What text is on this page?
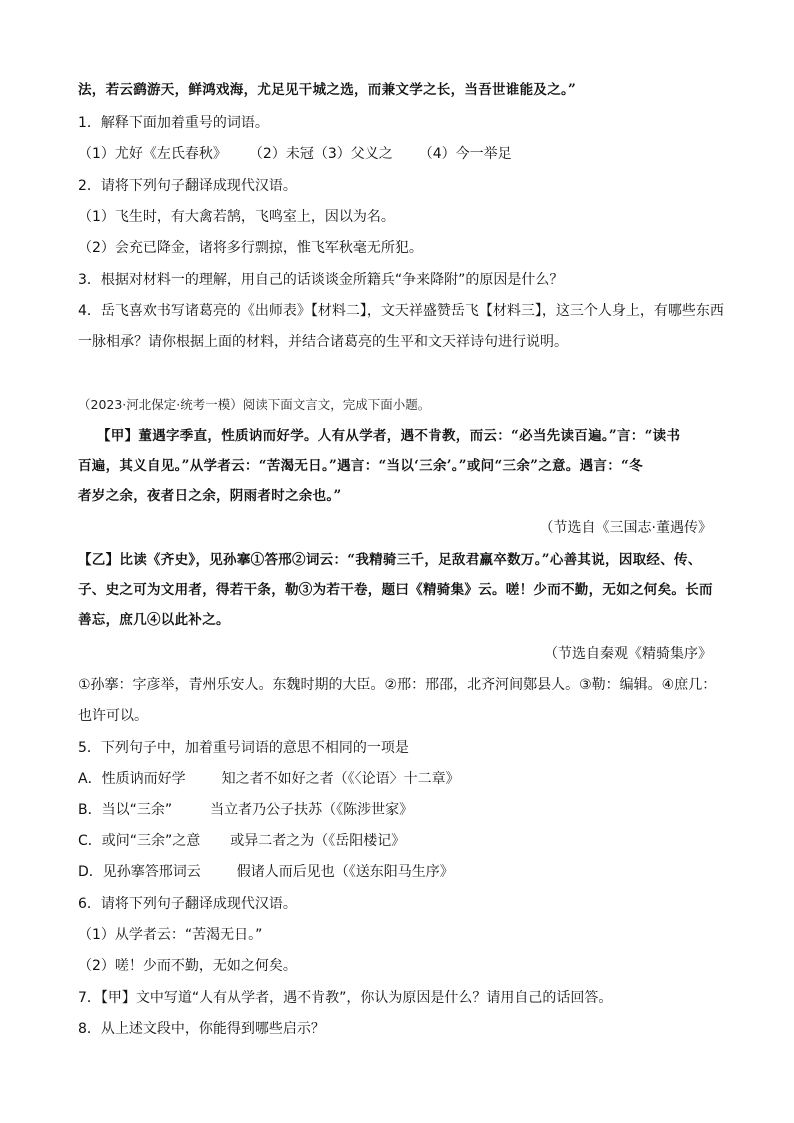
法，若云鹞游天，鲜鸿戏海，尤足见干城之选，而兼文学之长，当吾世谁能及之。”
1．解释下面加着重号的词语。
（1）尤好《左氏春秋》 （2）未冠（3）父义之 （4）今一举足
2．请将下列句子翻译成现代汉语。
（1）飞生时，有大禽若鹄，飞鸣室上，因以为名。
（2）会充已降金，诸将多行剽掠，惟飞军秋毫无所犯。
3．根据对材料一的理解，用自己的话谈谈金所籍兵“争来降附”的原因是什么？
4．岳飞喜欢书写诸葛亮的《出师表》【材料二】，文天祥盛赞岳飞【材料三】，这三个人身上，有哪些东西
一脉相承？请你根据上面的材料，并结合诸葛亮的生平和文天祥诗句进行说明。
（2023·河北保定·统考一模）阅读下面文言文，完成下面小题。
【甲】董遇字季直，性质讷而好学。人有从学者，遇不肯教，而云：“必当先读百遍。”言：“读书
百遍，其义自见。”从学者云：“苦渴无日。”遇言：“当以‘三余’。”或问“三余”之意。遇言：“冬
者岁之余，夜者日之余，阴雨者时之余也。”
（节选自《三国志·董遇传》
【乙】比读《齐史》，见孙搴①答邢②词云：“我精骑三千，足敌君羸卒数万。”心善其说，因取经、传、
子、史之可为文用者，得若干条，勒③为若干卷，题曰《精骑集》云。嗟！少而不勤，无如之何矣。长而
善忘，庶几④以此补之。
（节选自秦观《精骑集序》
①孙搴：字彦举，青州乐安人。东魏时期的大臣。②邢：邢邵，北齐河间鄚县人。③勒：编辑。④庶几：
也许可以。
5．下列句子中，加着重号词语的意思不相同的一项是
A．性质讷而好学	知之者不如好之者（《〈论语〉十二章》
B．当以“三余”	当立者乃公子扶苏（《陈涉世家》
C．或问“三余”之意 或异二者之为（《岳阳楼记》
D．见孙搴答邢词云	假诸人而后见也（《送东阳马生序》
6．请将下列句子翻译成现代汉语。
（1）从学者云：“苦渴无日。”
（2）嗟！少而不勤，无如之何矣。
7．【甲】文中写道“人有从学者，遇不肯教”，你认为原因是什么？请用自己的话回答。
8．从上述文段中，你能得到哪些启示？
